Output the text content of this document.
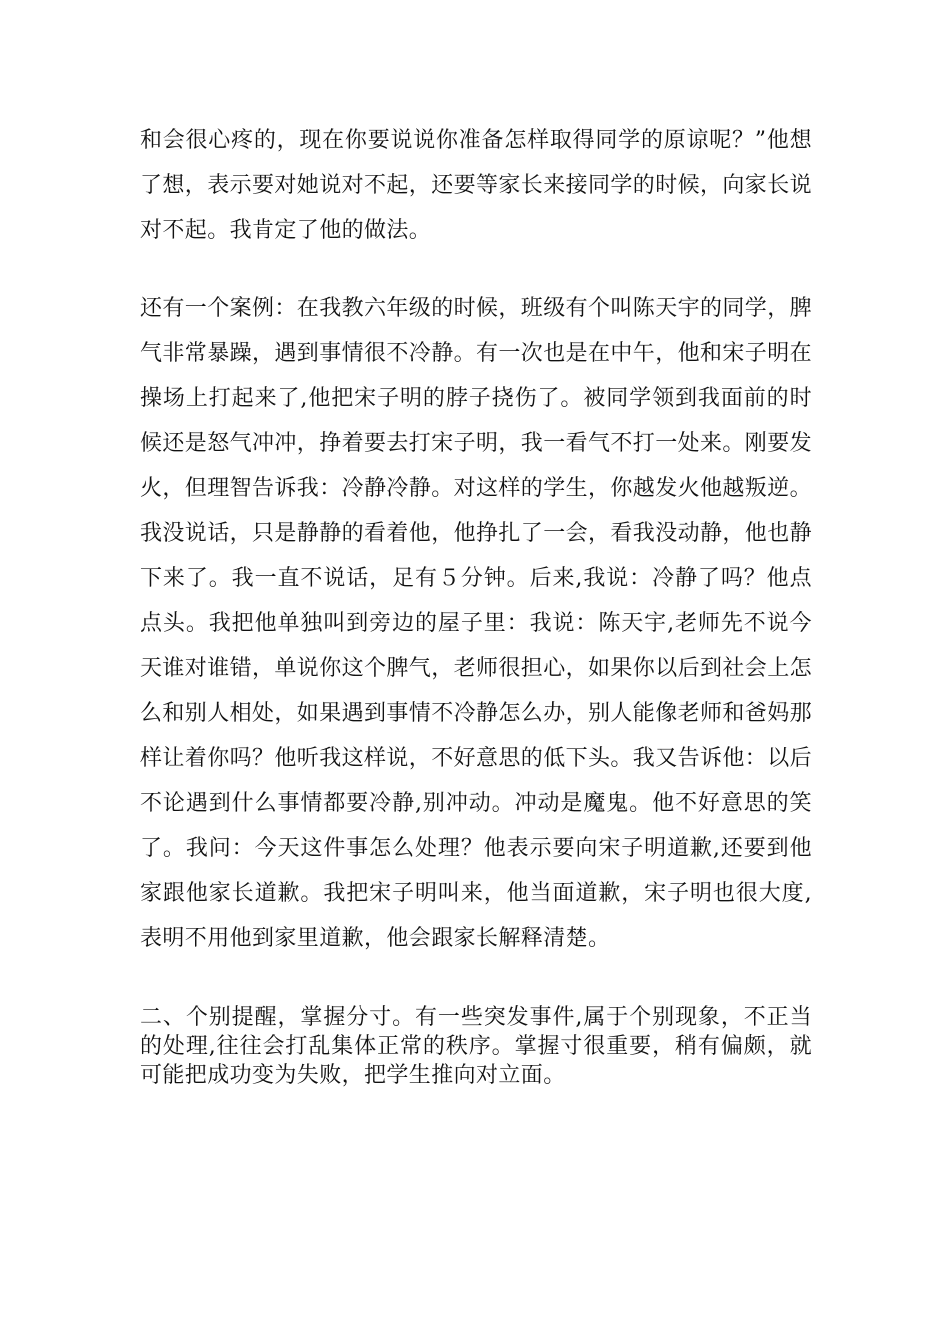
和会很心疼的，现在你要说说你准备怎样取得同学的原谅呢？”他想了想，表示要对她说对不起，还要等家长来接同学的时候，向家长说对不起。我肯定了他的做法。

还有一个案例：在我教六年级的时候，班级有个叫陈天宇的同学，脾气非常暴躁，遇到事情很不冷静。有一次也是在中午，他和宋子明在操场上打起来了,他把宋子明的脖子挠伤了。被同学领到我面前的时候还是怒气冲冲，挣着要去打宋子明，我一看气不打一处来。刚要发火，但理智告诉我：冷静冷静。对这样的学生，你越发火他越叛逆。我没说话，只是静静的看着他，他挣扎了一会，看我没动静，他也静下来了。我一直不说话，足有５分钟。后来,我说：冷静了吗？他点点头。我把他单独叫到旁边的屋子里：我说：陈天宇,老师先不说今天谁对谁错，单说你这个脾气，老师很担心，如果你以后到社会上怎么和别人相处，如果遇到事情不冷静怎么办，别人能像老师和爸妈那样让着你吗？他听我这样说，不好意思的低下头。我又告诉他：以后不论遇到什么事情都要冷静,别冲动。冲动是魔鬼。他不好意思的笑了。我问：今天这件事怎么处理？他表示要向宋子明道歉,还要到他家跟他家长道歉。我把宋子明叫来，他当面道歉，宋子明也很大度,表明不用他到家里道歉，他会跟家长解释清楚。

二、个别提醒，掌握分寸。有一些突发事件,属于个别现象，不正当的处理,往往会打乱集体正常的秩序。掌握寸很重要，稍有偏颇，就可能把成功变为失败，把学生推向对立面。
